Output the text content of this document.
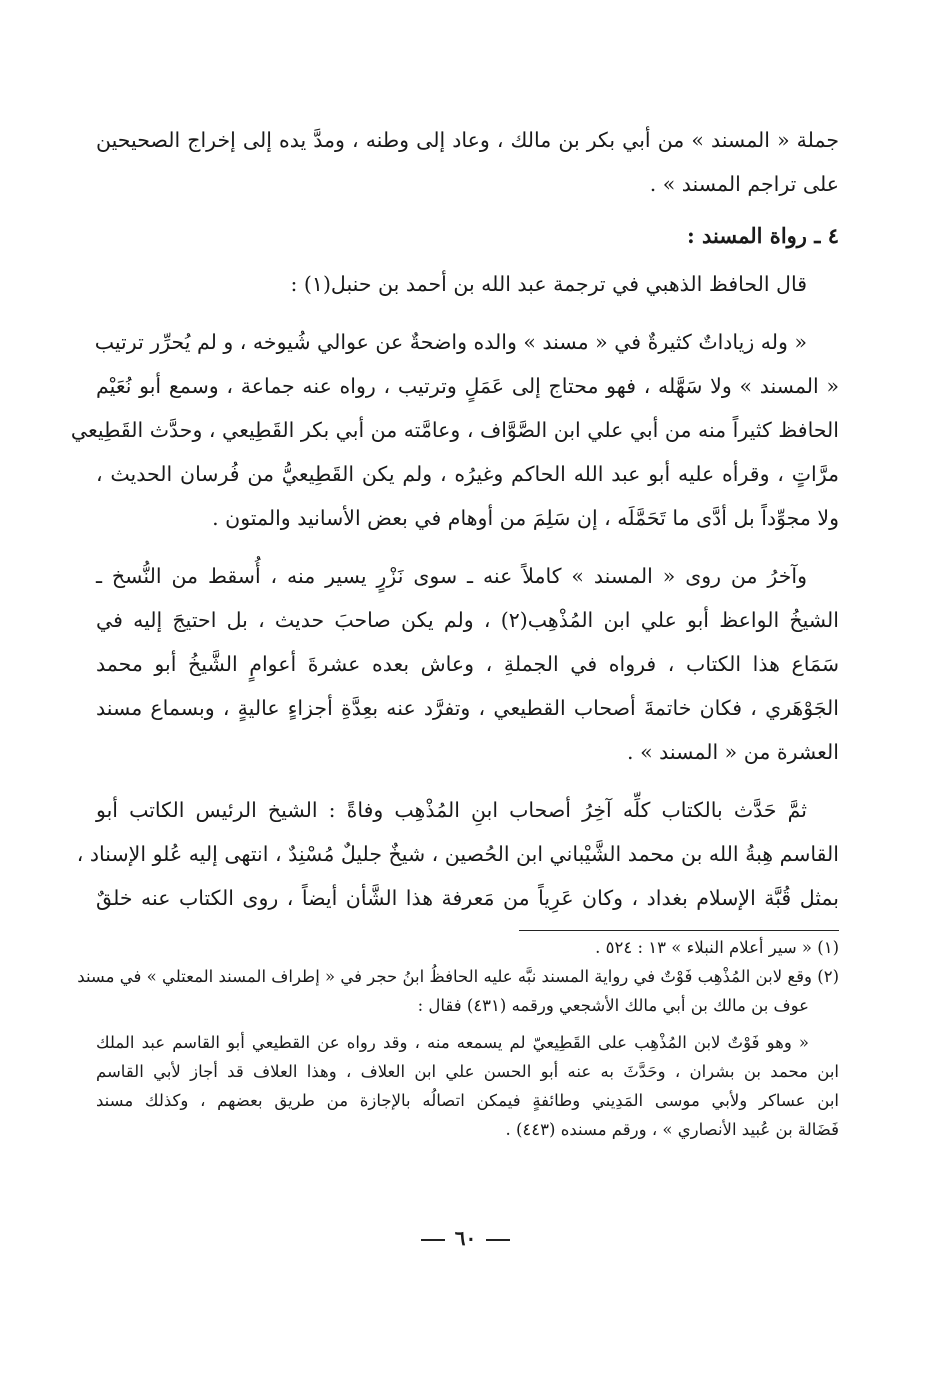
جملة « المسند » من أبي بكر بن مالك ، وعاد إلى وطنه ، ومدَّ يده إلى إخراج الصحيحين
على تراجم المسند » .
٤ ـ رواة المسند :
قال الحافظ الذهبي في ترجمة عبد الله بن أحمد بن حنبل(١) :
« وله زياداتٌ كثيرةٌ في « مسند » والده واضحةٌ عن عوالي شُيوخه ، و لم يُحرِّر ترتيب
« المسند » ولا سَهَّله ، فهو محتاج إلى عَمَلٍ وترتيب ، رواه عنه جماعة ، وسمع أبو نُعَيْم
الحافظ كثيراً منه من أبي علي ابن الصَّوَّاف ، وعامَّته من أبي بكر القَطِيعي ، وحدَّث القَطِيعي
مرَّاتٍ ، وقرأه عليه أبو عبد الله الحاكم وغيرُه ، ولم يكن القَطِيعيُّ من فُرسان الحديث ،
ولا مجوِّداً بل أدَّى ما تَحَمَّلَه ، إن سَلِمَ من أوهام في بعض الأسانيد والمتون .
وآخرُ من روى « المسند » كاملاً عنه ـ سوى نَزْرٍ يسير منه ، أُسقط من النُّسخ ـ
الشيخُ الواعظ أبو علي ابن المُذْهِب(٢) ، ولم يكن صاحبَ حديث ، بل احتيجَ إليه في
سَمَاع هذا الكتاب ، فرواه في الجملةِ ، وعاش بعده عشرةَ أعوامٍ الشَّيخُ أبو محمد
الجَوْهَري ، فكان خاتمةَ أصحاب القطيعي ، وتفرَّد عنه بعِدَّةِ أجزاءٍ عاليةٍ ، وبسماع مسند
العشرة من « المسند » .
ثمَّ حَدَّث بالكتاب كلِّه آخِرُ أصحاب ابنِ المُذْهِب وفاةً : الشيخ الرئيس الكاتب أبو
القاسم هِبةُ الله بن محمد الشَّيْباني ابن الحُصين ، شيخٌ جليلٌ مُسْنِدٌ ، انتهى إليه عُلو الإسناد ،
بمثل قُبَّة الإسلام بغداد ، وكان عَرِياً من مَعرفة هذا الشَّأن أيضاً ، روى الكتاب عنه خلقٌ
(١) « سير أعلام النبلاء » ١٣ : ٥٢٤ .
(٢) وقع لابن المُذْهِب فَوْتٌ في رواية المسند نبَّه عليه الحافظُ ابنُ حجر في « إطراف المسند المعتلي » في مسند
عوف بن مالك بن أبي مالك الأشجعي ورقمه (٤٣١) فقال :
« وهو فَوْتٌ لابن المُذْهِب على القَطِيعيّ لم يسمعه منه ، وقد رواه عن القطيعي أبو القاسم عبد الملك
ابن محمد بن بشران ، وحَدَّثَ به عنه أبو الحسن علي ابن العلاف ، وهذا العلاف قد أجاز لأبي القاسم
ابن عساكر ولأبي موسى المَدِيني وطائفةٍ فيمكن اتصالُه بالإجازة من طريق بعضهم ، وكذلك مسند
فَضَالة بن عُبيد الأنصاري » ، ورقم مسنده (٤٤٣) .
٦٠
